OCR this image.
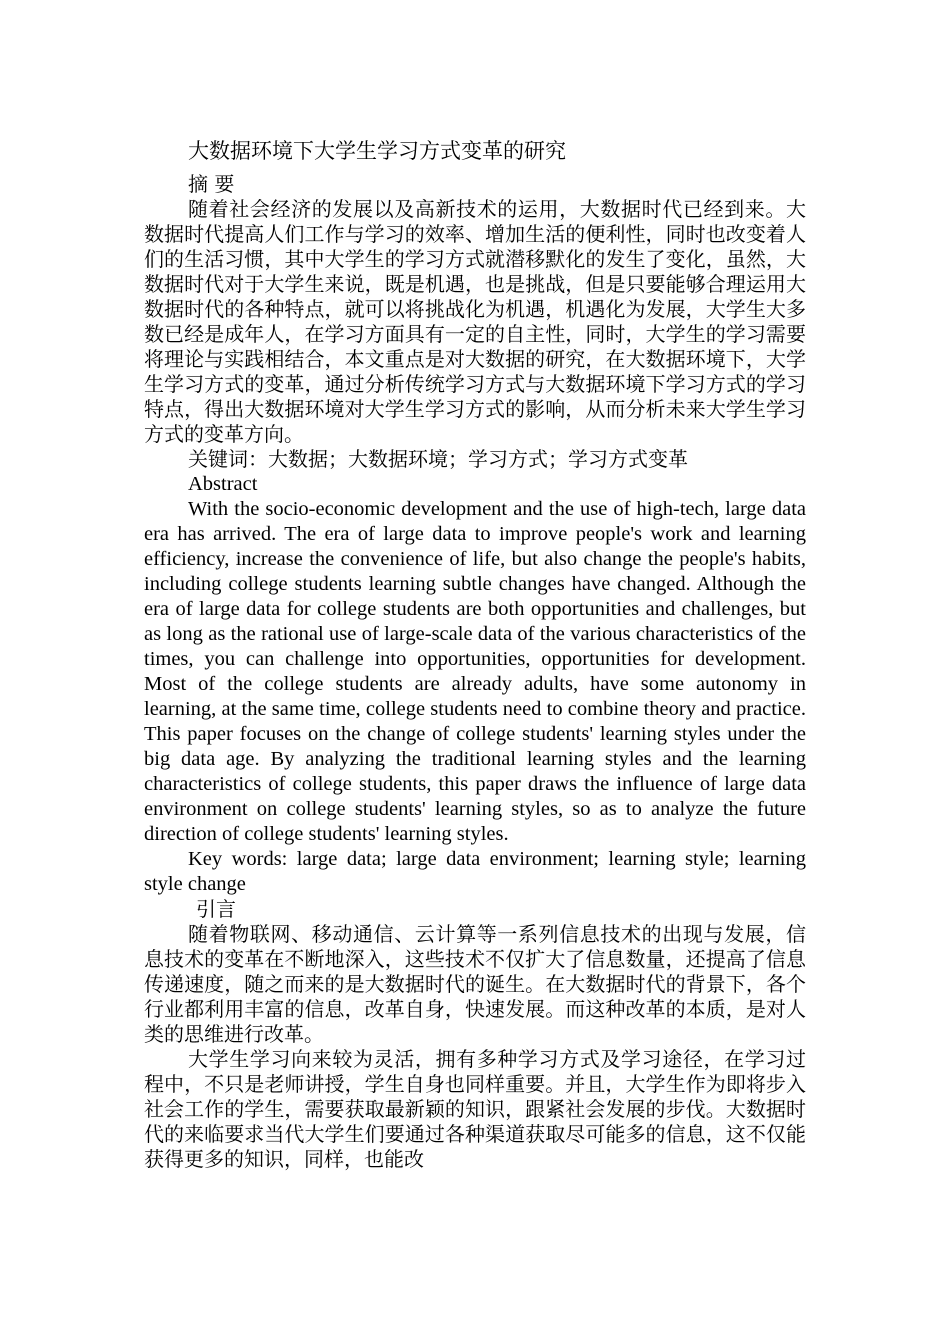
大数据环境下大学生学习方式变革的研究

摘 要

随着社会经济的发展以及高新技术的运用，大数据时代已经到来。大数据时代提高人们工作与学习的效率、增加生活的便利性，同时也改变着人们的生活习惯，其中大学生的学习方式就潜移默化的发生了变化，虽然，大数据时代对于大学生来说，既是机遇，也是挑战，但是只要能够合理运用大数据时代的各种特点，就可以将挑战化为机遇，机遇化为发展，大学生大多数已经是成年人，在学习方面具有一定的自主性，同时，大学生的学习需要将理论与实践相结合，本文重点是对大数据的研究，在大数据环境下，大学生学习方式的变革，通过分析传统学习方式与大数据环境下学习方式的学习特点，得出大数据环境对大学生学习方式的影响，从而分析未来大学生学习方式的变革方向。

关键词：大数据；大数据环境；学习方式；学习方式变革

Abstract

With the socio-economic development and the use of high-tech, large data era has arrived. The era of large data to improve people's work and learning efficiency, increase the convenience of life, but also change the people's habits, including college students learning subtle changes have changed. Although the era of large data for college students are both opportunities and challenges, but as long as the rational use of large-scale data of the various characteristics of the times, you can challenge into opportunities, opportunities for development. Most of the college students are already adults, have some autonomy in learning, at the same time, college students need to combine theory and practice. This paper focuses on the change of college students' learning styles under the big data age. By analyzing the traditional learning styles and the learning characteristics of college students, this paper draws the influence of large data environment on college students' learning styles, so as to analyze the future direction of college students' learning styles.

Key words: large data; large data environment; learning style; learning style change

引言

随着物联网、移动通信、云计算等一系列信息技术的出现与发展，信息技术的变革在不断地深入，这些技术不仅扩大了信息数量，还提高了信息传递速度，随之而来的是大数据时代的诞生。在大数据时代的背景下，各个行业都利用丰富的信息，改革自身，快速发展。而这种改革的本质，是对人类的思维进行改革。

大学生学习向来较为灵活，拥有多种学习方式及学习途径，在学习过程中，不只是老师讲授，学生自身也同样重要。并且，大学生作为即将步入社会工作的学生，需要获取最新颖的知识，跟紧社会发展的步伐。大数据时代的来临要求当代大学生们要通过各种渠道获取尽可能多的信息，这不仅能获得更多的知识，同样，也能改
